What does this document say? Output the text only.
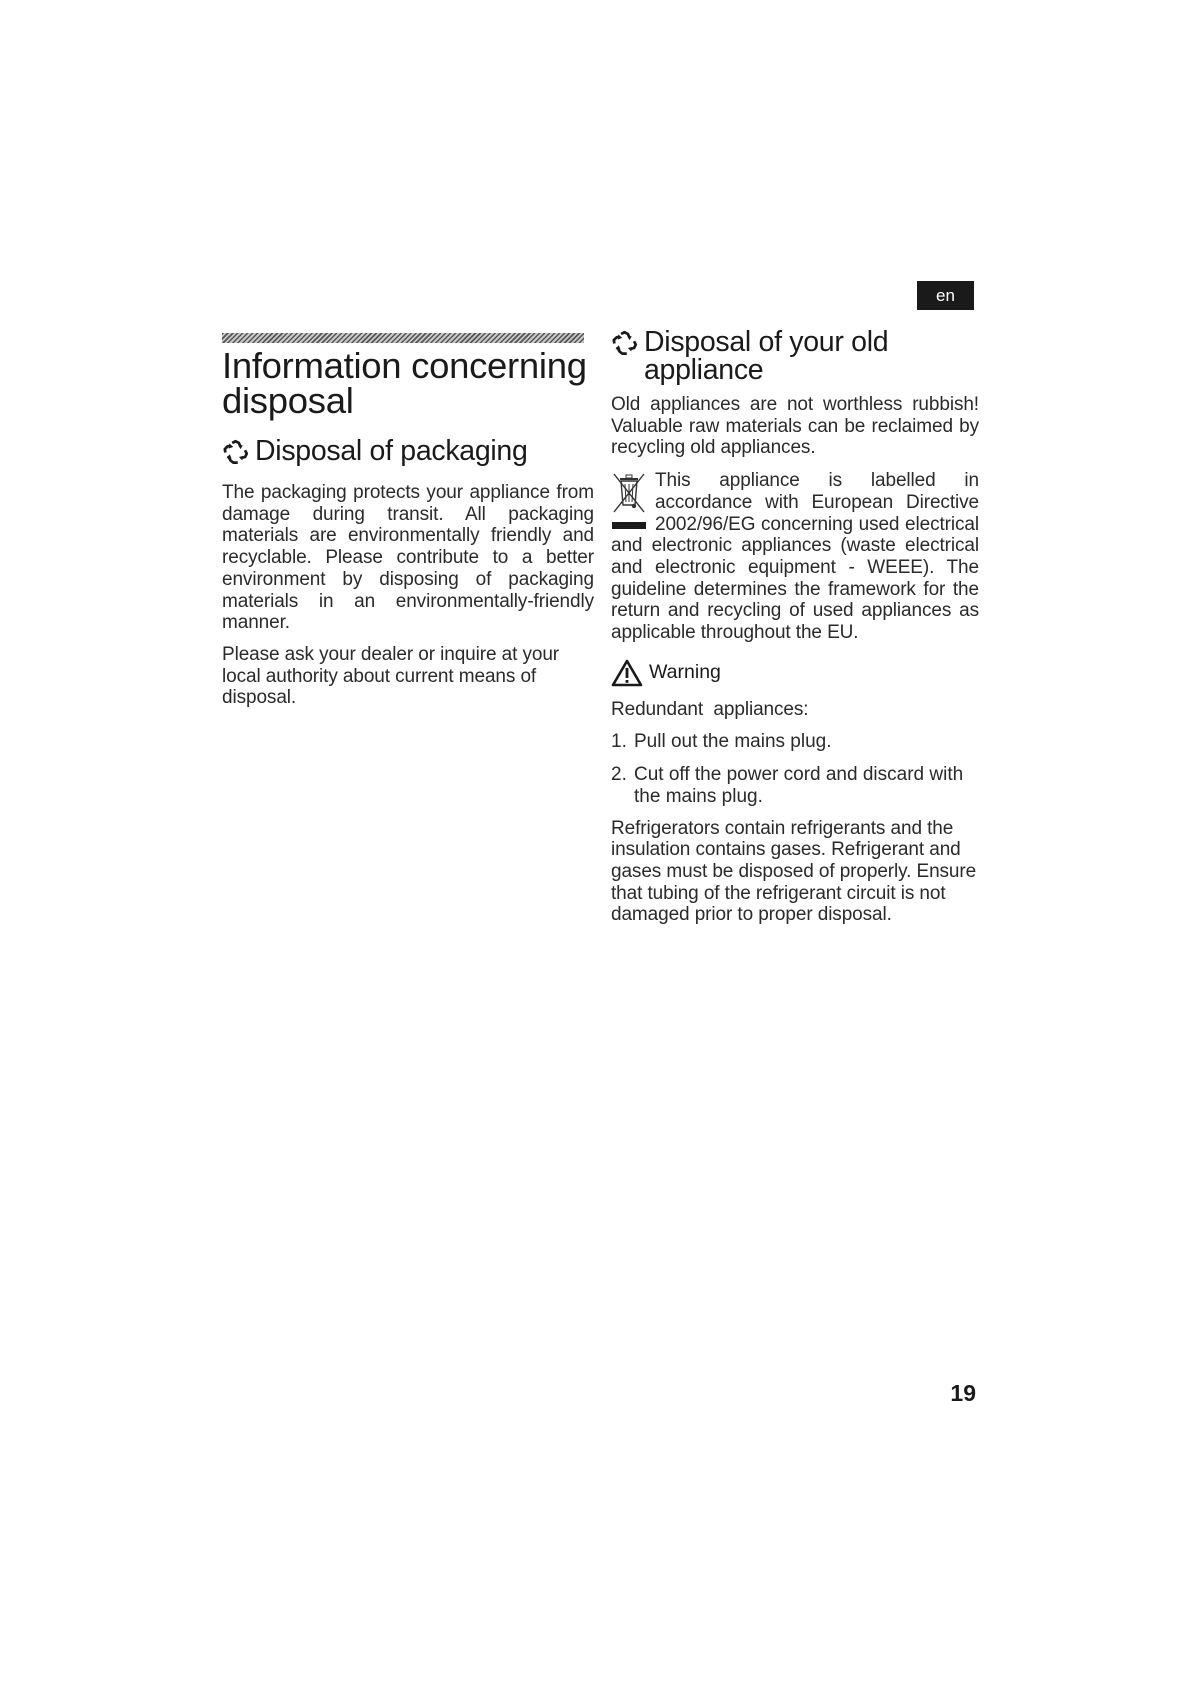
en
Information concerning disposal
Disposal of packaging

The packaging protects your appliance from damage during transit. All packaging materials are environmentally friendly and recyclable. Please contribute to a better environment by disposing of packaging materials in an environmentally-friendly manner.

Please ask your dealer or inquire at your local authority about current means of disposal.

Disposal of your old appliance

Old appliances are not worthless rubbish! Valuable raw materials can be reclaimed by recycling old appliances.

This appliance is labelled in accordance with European Directive 2002/96/EG concerning used electrical and electronic appliances (waste electrical and electronic equipment - WEEE). The guideline determines the framework for the return and recycling of used appliances as applicable throughout the EU.

Warning

Redundant  appliances:

1. Pull out the mains plug.
2. Cut off the power cord and discard with the mains plug.

Refrigerators contain refrigerants and the insulation contains gases. Refrigerant and gases must be disposed of properly. Ensure that tubing of the refrigerant circuit is not damaged prior to proper disposal.

19
